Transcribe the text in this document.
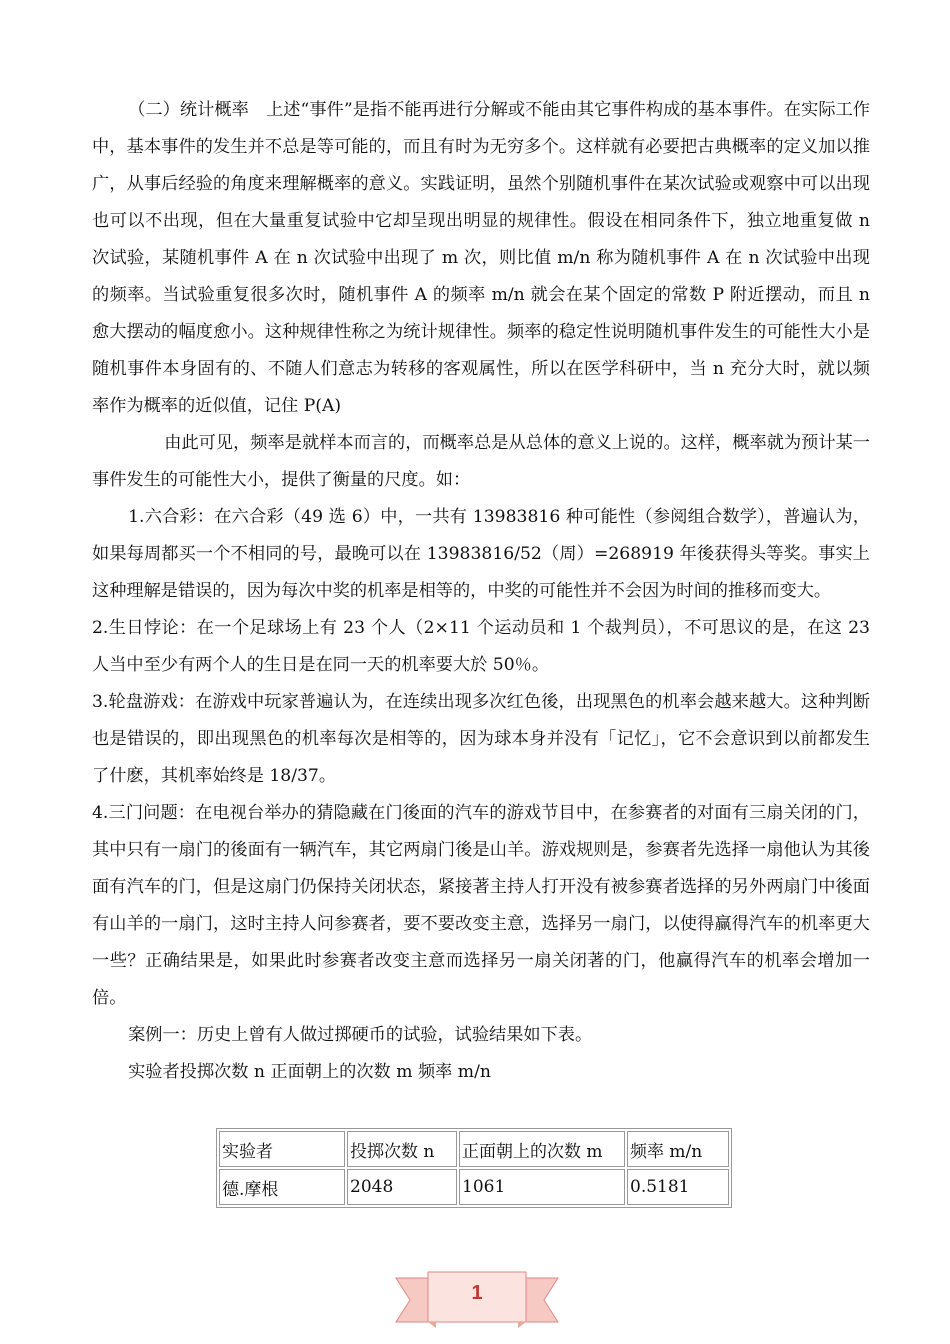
（二）统计概率　上述“事件”是指不能再进行分解或不能由其它事件构成的基本事件。在实际工作中，基本事件的发生并不总是等可能的，而且有时为无穷多个。这样就有必要把古典概率的定义加以推广，从事后经验的角度来理解概率的意义。实践证明，虽然个别随机事件在某次试验或观察中可以出现也可以不出现，但在大量重复试验中它却呈现出明显的规律性。假设在相同条件下，独立地重复做 n 次试验，某随机事件 A 在 n 次试验中出现了 m 次，则比值 m/n 称为随机事件 A 在 n 次试验中出现的频率。当试验重复很多次时，随机事件 A 的频率 m/n 就会在某个固定的常数 P 附近摆动，而且 n 愈大摆动的幅度愈小。这种规律性称之为统计规律性。频率的稳定性说明随机事件发生的可能性大小是随机事件本身固有的、不随人们意志为转移的客观属性，所以在医学科研中，当 n 充分大时，就以频率作为概率的近似值，记住 P(A)

由此可见，频率是就样本而言的，而概率总是从总体的意义上说的。这样，概率就为预计某一事件发生的可能性大小，提供了衡量的尺度。如：

1.六合彩：在六合彩（49 选 6）中，一共有 13983816 种可能性（参阅组合数学），普遍认为，如果每周都买一个不相同的号，最晚可以在 13983816/52（周）=268919 年後获得头等奖。事实上这种理解是错误的，因为每次中奖的机率是相等的，中奖的可能性并不会因为时间的推移而变大。

2.生日悖论：在一个足球场上有 23 个人（2×11 个运动员和 1 个裁判员），不可思议的是，在这 23 人当中至少有两个人的生日是在同一天的机率要大於 50％。

3.轮盘游戏：在游戏中玩家普遍认为，在连续出现多次红色後，出现黑色的机率会越来越大。这种判断也是错误的，即出现黑色的机率每次是相等的，因为球本身并没有「记忆」，它不会意识到以前都发生了什麽，其机率始终是 18/37。

4.三门问题：在电视台举办的猜隐藏在门後面的汽车的游戏节目中，在参赛者的对面有三扇关闭的门，其中只有一扇门的後面有一辆汽车，其它两扇门後是山羊。游戏规则是，参赛者先选择一扇他认为其後面有汽车的门，但是这扇门仍保持关闭状态，紧接著主持人打开没有被参赛者选择的另外两扇门中後面有山羊的一扇门，这时主持人问参赛者，要不要改变主意，选择另一扇门，以使得赢得汽车的机率更大一些？正确结果是，如果此时参赛者改变主意而选择另一扇关闭著的门，他赢得汽车的机率会增加一倍。

案例一：历史上曾有人做过掷硬币的试验，试验结果如下表。

实验者投掷次数 n 正面朝上的次数 m 频率 m/n

实验者	投掷次数 n	正面朝上的次数 m	频率 m/n
德.摩根	2048	1061	0.5181
1
